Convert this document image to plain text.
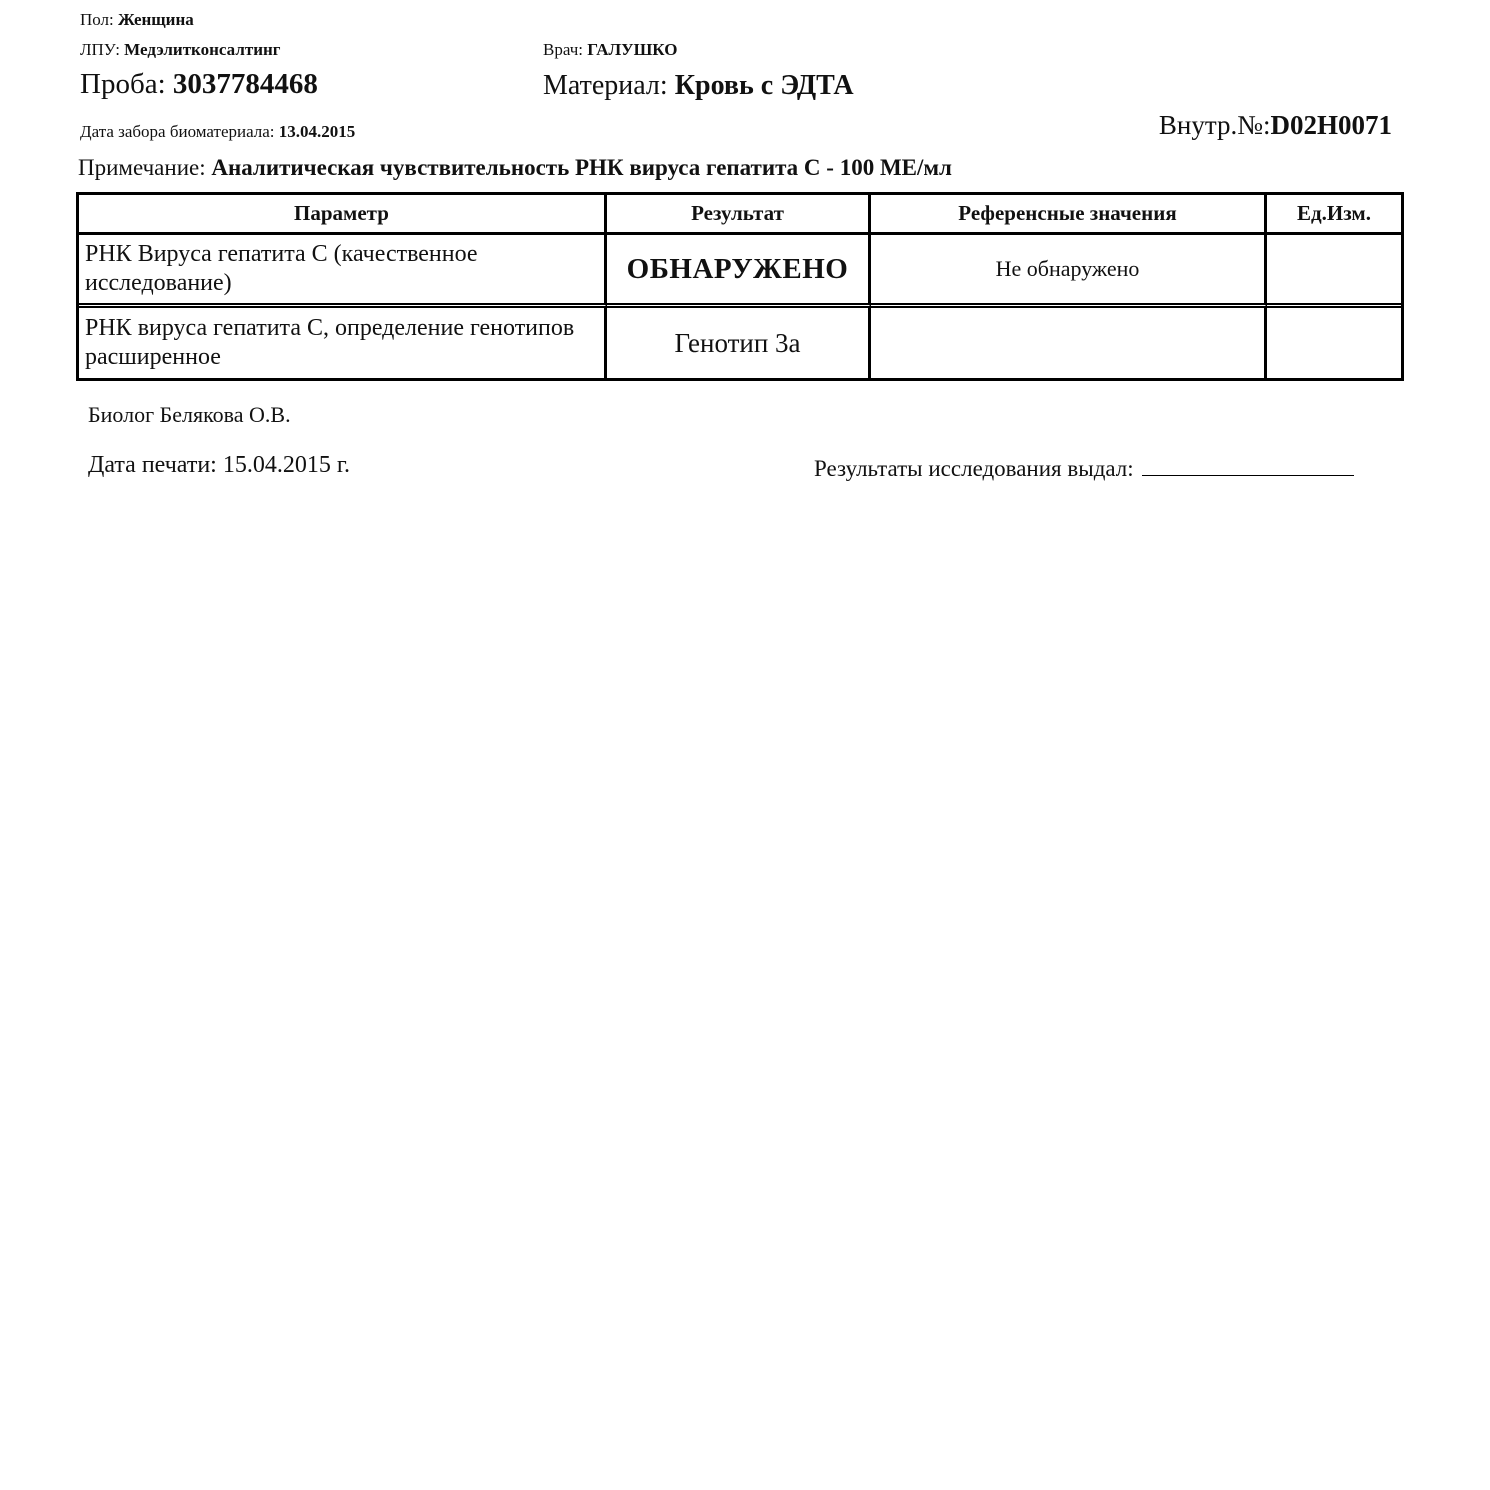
Пол: Женщина
ЛПУ: Медэлитконсалтинг	Врач: ГАЛУШКО
Проба: 3037784468	Материал: Кровь с ЭДТА
Дата забора биоматериала: 13.04.2015	Внутр.№:D02H0071
Примечание: Аналитическая чувствительность РНК вируса гепатита С - 100 МЕ/мл
Параметр	Результат	Референсные значения	Ед.Изм.
РНК Вируса гепатита С (качественное исследование)	ОБНАРУЖЕНО	Не обнаружено	
РНК вируса гепатита С, определение генотипов расширенное	Генотип 3а		
Биолог Белякова О.В.
Дата печати: 15.04.2015 г.	Результаты исследования выдал:
